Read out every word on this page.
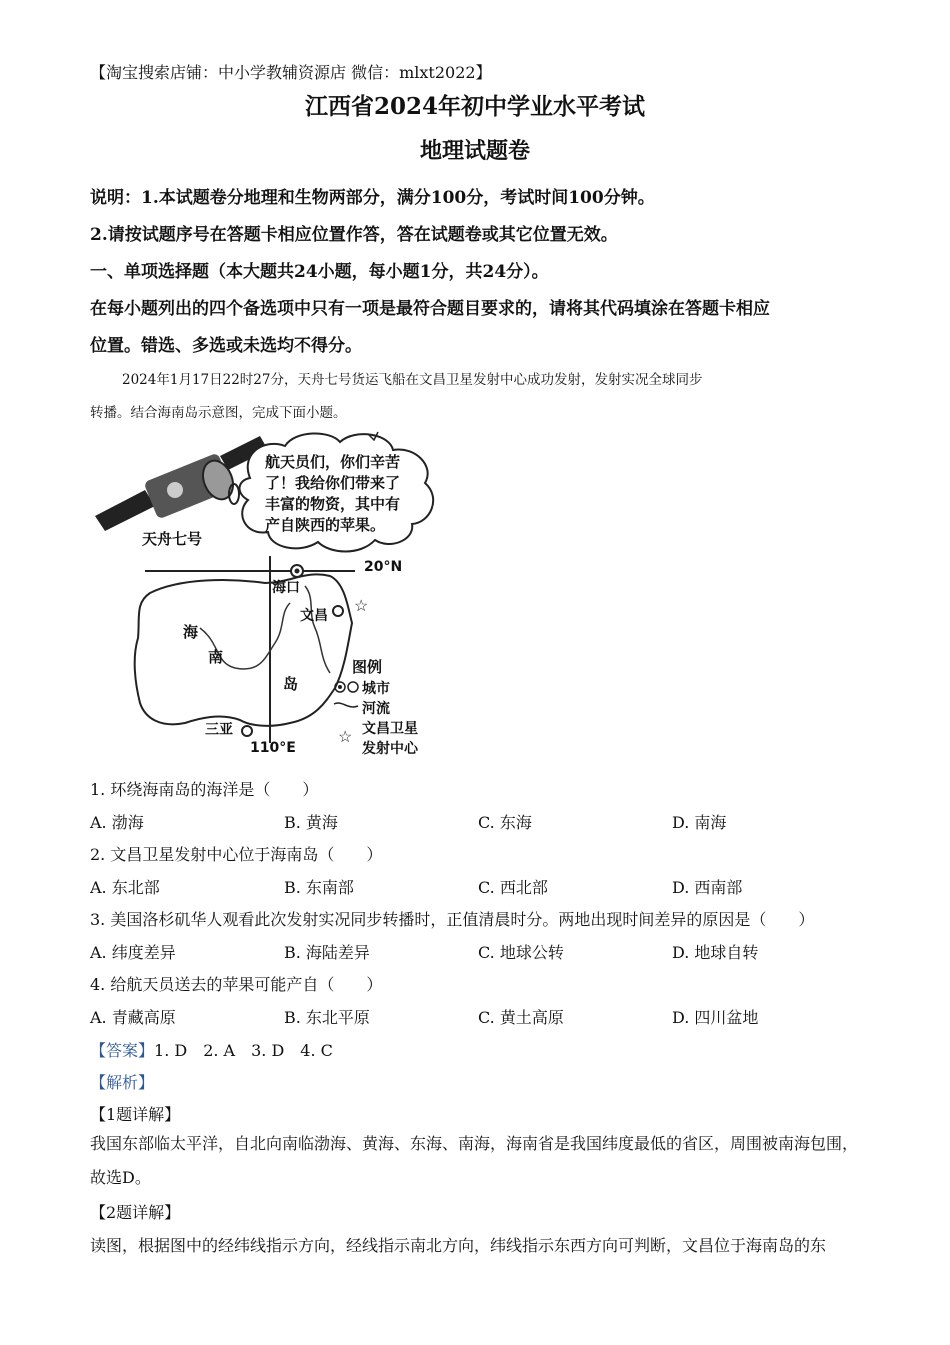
【淘宝搜索店铺：中小学教辅资源店 微信：mlxt2022】
江西省2024年初中学业水平考试
地理试题卷
说明：1.本试题卷分地理和生物两部分，满分100分，考试时间100分钟。
2.请按试题序号在答题卡相应位置作答，答在试题卷或其它位置无效。
一、单项选择题（本大题共24小题，每小题1分，共24分）。
在每小题列出的四个备选项中只有一项是最符合题目要求的，请将其代码填涂在答题卡相应
位置。错选、多选或未选均不得分。
2024年1月17日22时27分，天舟七号货运飞船在文昌卫星发射中心成功发射，发射实况全球同步
转播。结合海南岛示意图，完成下面小题。
☆
☆
航天员们，你们辛苦
了！我给你们带来了
丰富的物资，其中有
产自陕西的苹果。
天舟七号
20°N
110°E
海
南
岛
海口
文昌
三亚
图例
城市
河流
文昌卫星
发射中心
1. 环绕海南岛的海洋是（　　）
A. 渤海	B. 黄海	C. 东海	D. 南海
2. 文昌卫星发射中心位于海南岛（　　）
A. 东北部	B. 东南部	C. 西北部	D. 西南部
3. 美国洛杉矶华人观看此次发射实况同步转播时，正值清晨时分。两地出现时间差异的原因是（　　）
A. 纬度差异	B. 海陆差异	C. 地球公转	D. 地球自转
4. 给航天员送去的苹果可能产自（　　）
A. 青藏高原	B. 东北平原	C. 黄土高原	D. 四川盆地
【答案】1. D　2. A　3. D　4. C
【解析】
【1题详解】
我国东部临太平洋，自北向南临渤海、黄海、东海、南海，海南省是我国纬度最低的省区，周围被南海包围，故选D。
【2题详解】
读图，根据图中的经纬线指示方向，经线指示南北方向，纬线指示东西方向可判断，文昌位于海南岛的东
